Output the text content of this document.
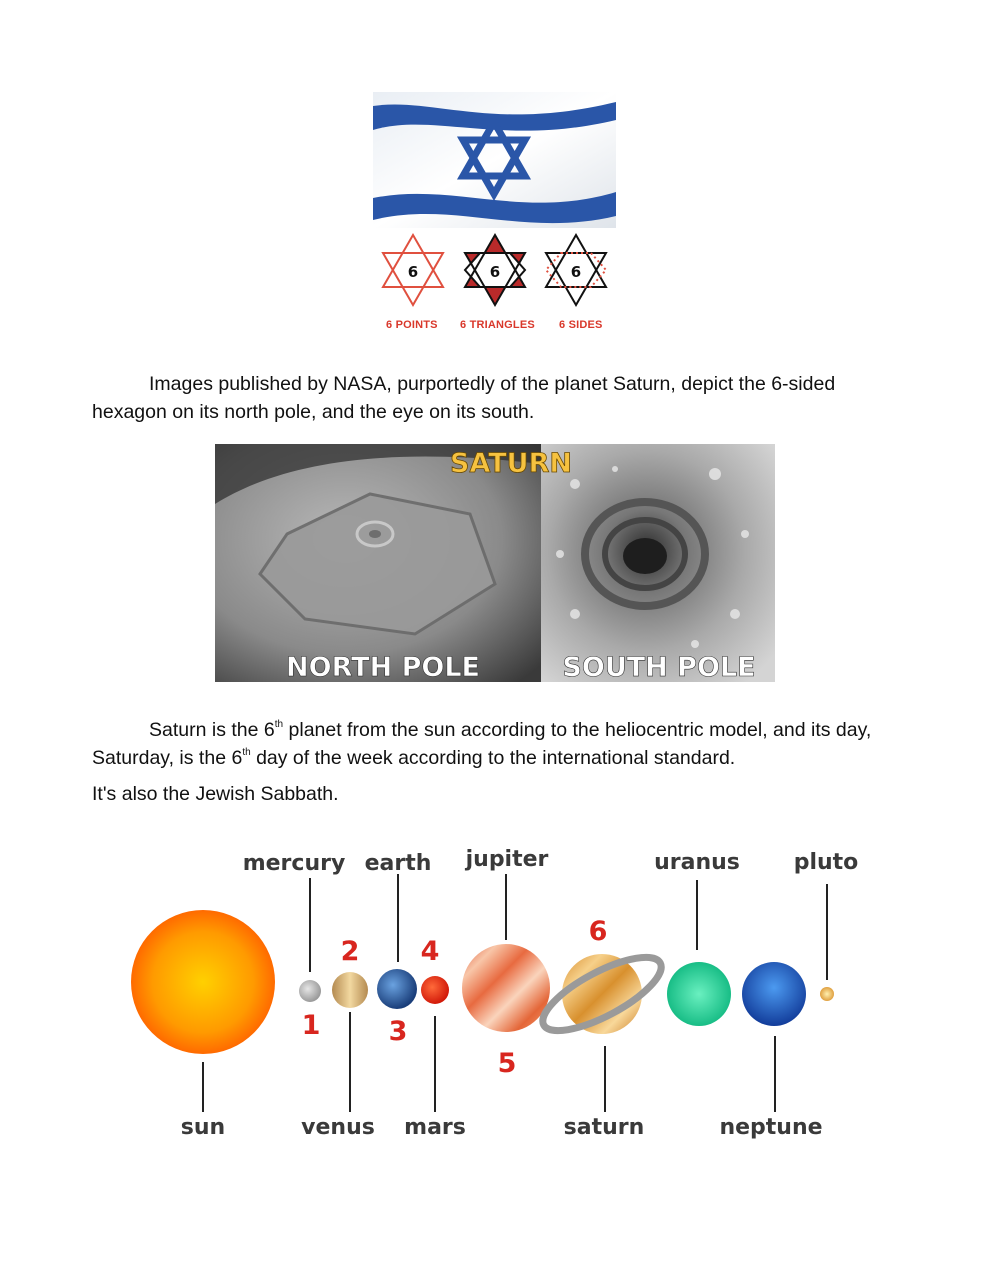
6	6	6
6 POINTS 6 TRIANGLES 6 SIDES
Images published by NASA, purportedly of the planet Saturn, depict the 6-sided hexagon on its north pole, and the eye on its south.
SATURN
NORTH POLE	SOUTH POLE
Saturn is the 6th planet from the sun according to the heliocentric model, and its day, Saturday, is the 6th day of the week according to the international standard.
It's also the Jewish Sabbath.
sun
mercury
venus
earth
mars
jupiter
saturn
uranus
neptune
pluto
1
2
3
4
5
6
